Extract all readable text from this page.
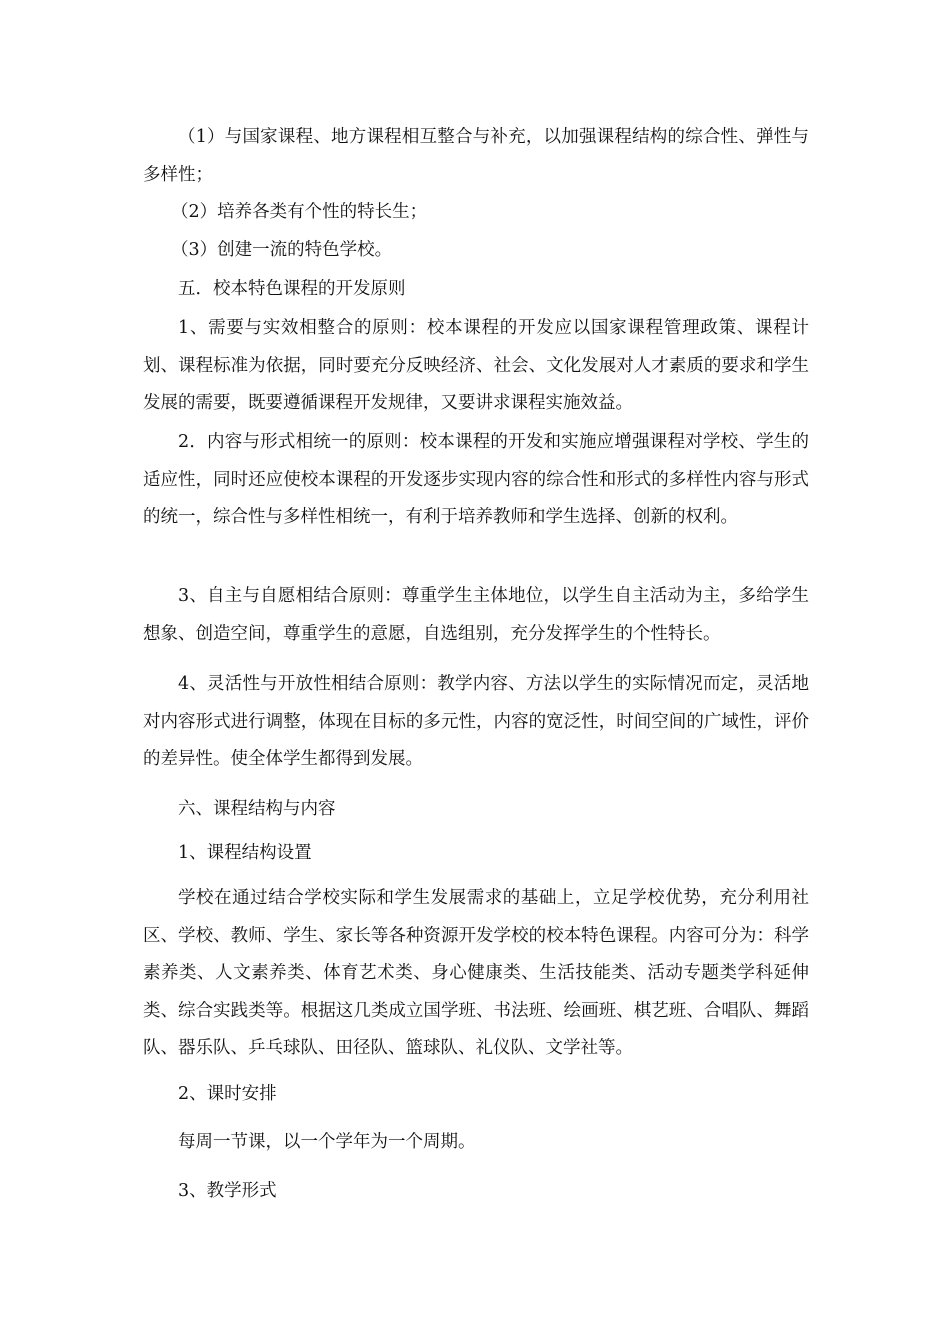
（1）与国家课程、地方课程相互整合与补充，以加强课程结构的综合性、弹性与多样性；

（2）培养各类有个性的特长生；

（3）创建一流的特色学校。

五．校本特色课程的开发原则

1、需要与实效相整合的原则：校本课程的开发应以国家课程管理政策、课程计划、课程标准为依据，同时要充分反映经济、社会、文化发展对人才素质的要求和学生发展的需要，既要遵循课程开发规律，又要讲求课程实施效益。

2．内容与形式相统一的原则：校本课程的开发和实施应增强课程对学校、学生的适应性，同时还应使校本课程的开发逐步实现内容的综合性和形式的多样性内容与形式的统一，综合性与多样性相统一，有利于培养教师和学生选择、创新的权利。

3、自主与自愿相结合原则：尊重学生主体地位，以学生自主活动为主，多给学生想象、创造空间，尊重学生的意愿，自选组别，充分发挥学生的个性特长。

4、灵活性与开放性相结合原则：教学内容、方法以学生的实际情况而定，灵活地对内容形式进行调整，体现在目标的多元性，内容的宽泛性，时间空间的广域性，评价的差异性。使全体学生都得到发展。

六、课程结构与内容

1、课程结构设置

学校在通过结合学校实际和学生发展需求的基础上，立足学校优势，充分利用社区、学校、教师、学生、家长等各种资源开发学校的校本特色课程。内容可分为：科学素养类、人文素养类、体育艺术类、身心健康类、生活技能类、活动专题类学科延伸类、综合实践类等。根据这几类成立国学班、书法班、绘画班、棋艺班、合唱队、舞蹈队、器乐队、乒乓球队、田径队、篮球队、礼仪队、文学社等。

2、课时安排

每周一节课，以一个学年为一个周期。

3、教学形式
